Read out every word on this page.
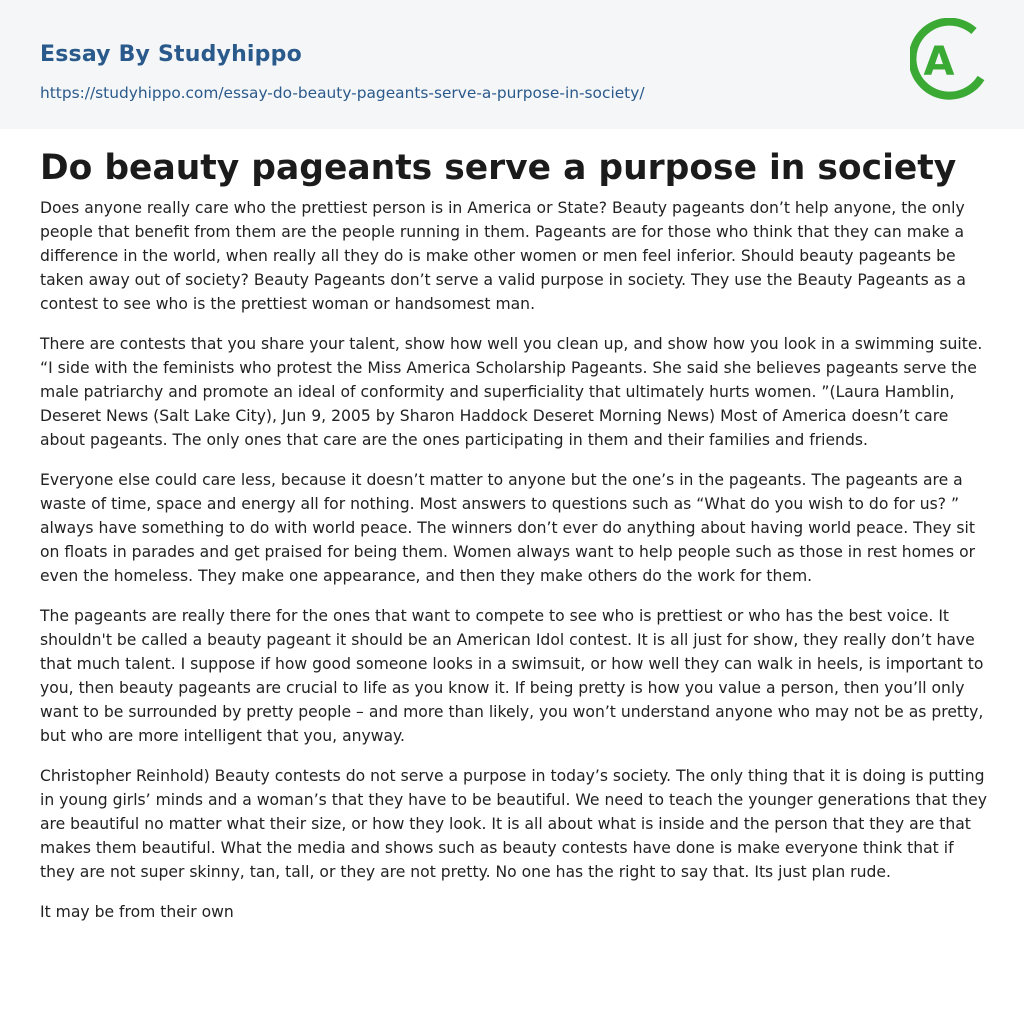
Essay By Studyhippo
https://studyhippo.com/essay-do-beauty-pageants-serve-a-purpose-in-society/
A
Do beauty pageants serve a purpose in society

Does anyone really care who the prettiest person is in America or State? Beauty pageants don’t help anyone, the only people that benefit from them are the people running in them. Pageants are for those who think that they can make a difference in the world, when really all they do is make other women or men feel inferior. Should beauty pageants be taken away out of society? Beauty Pageants don’t serve a valid purpose in society. They use the Beauty Pageants as a contest to see who is the prettiest woman or handsomest man.

There are contests that you share your talent, show how well you clean up, and show how you look in a swimming suite. “I side with the feminists who protest the Miss America Scholarship Pageants. She said she believes pageants serve the male patriarchy and promote an ideal of conformity and superficiality that ultimately hurts women. ”(Laura Hamblin, Deseret News (Salt Lake City), Jun 9, 2005 by Sharon Haddock Deseret Morning News) Most of America doesn’t care about pageants. The only ones that care are the ones participating in them and their families and friends.

Everyone else could care less, because it doesn’t matter to anyone but the one’s in the pageants. The pageants are a waste of time, space and energy all for nothing. Most answers to questions such as “What do you wish to do for us? ” always have something to do with world peace. The winners don’t ever do anything about having world peace. They sit on floats in parades and get praised for being them. Women always want to help people such as those in rest homes or even the homeless. They make one appearance, and then they make others do the work for them.

The pageants are really there for the ones that want to compete to see who is prettiest or who has the best voice. It shouldn't be called a beauty pageant it should be an American Idol contest. It is all just for show, they really don’t have that much talent. I suppose if how good someone looks in a swimsuit, or how well they can walk in heels, is important to you, then beauty pageants are crucial to life as you know it. If being pretty is how you value a person, then you’ll only want to be surrounded by pretty people – and more than likely, you won’t understand anyone who may not be as pretty, but who are more intelligent that you, anyway.

Christopher Reinhold) Beauty contests do not serve a purpose in today’s society. The only thing that it is doing is putting in young girls’ minds and a woman’s that they have to be beautiful. We need to teach the younger generations that they are beautiful no matter what their size, or how they look. It is all about what is inside and the person that they are that makes them beautiful. What the media and shows such as beauty contests have done is make everyone think that if they are not super skinny, tan, tall, or they are not pretty. No one has the right to say that. Its just plan rude.

It may be from their own
